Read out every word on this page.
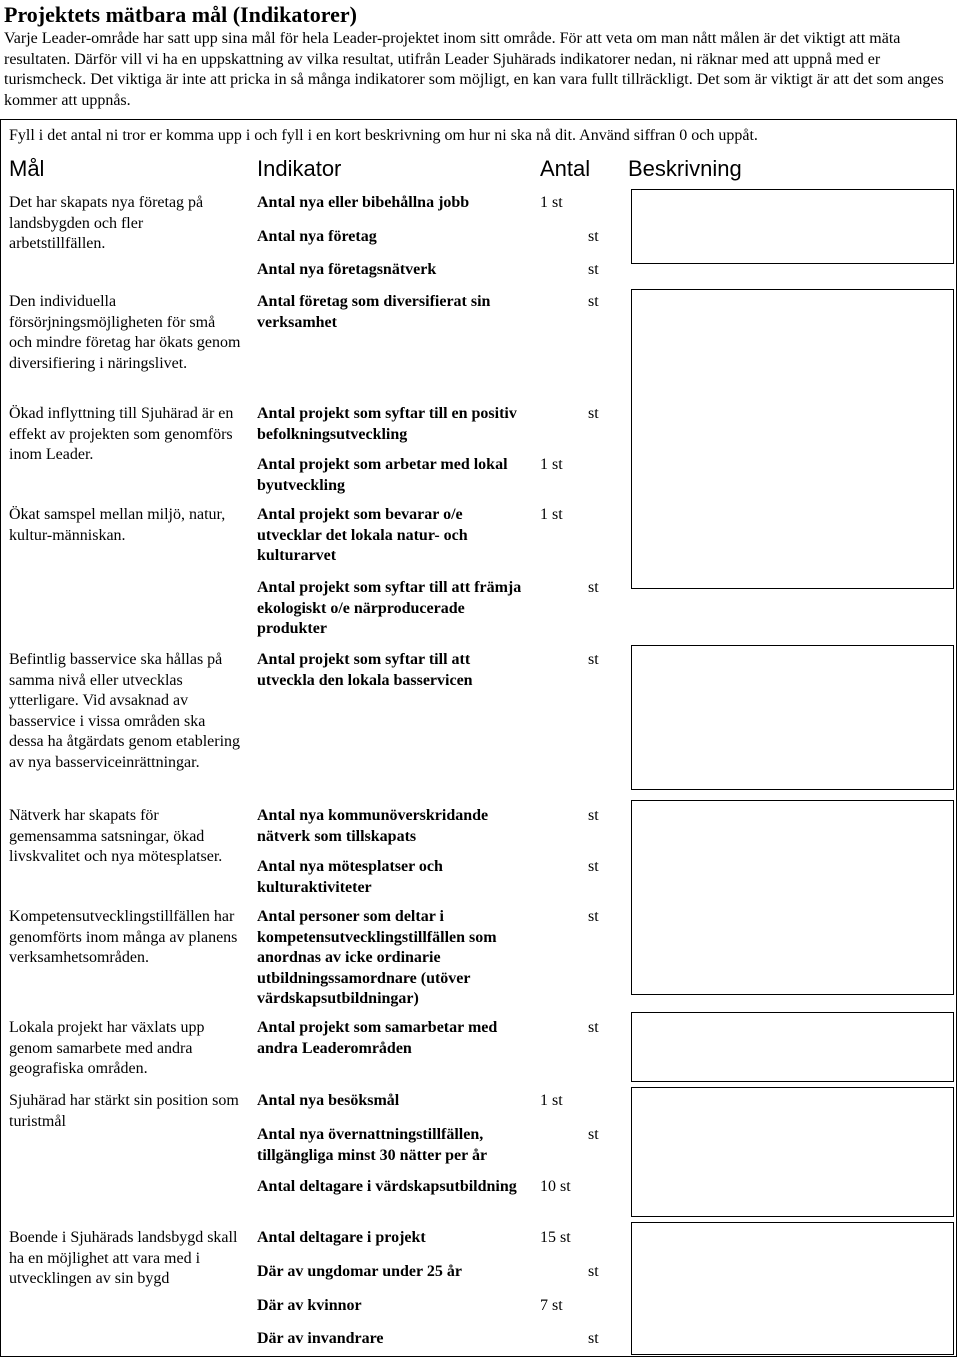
Projektets mätbara mål (Indikatorer)

Varje Leader-område har satt upp sina mål för hela Leader-projektet inom sitt område. För att veta om man nått målen är det viktigt att mäta resultaten. Därför vill vi ha en uppskattning av vilka resultat, utifrån Leader Sjuhärads indikatorer nedan, ni räknar med att uppnå med er turismcheck. Det viktiga är inte att pricka in så många indikatorer som möjligt, en kan vara fullt tillräckligt. Det som är viktigt är att det som anges kommer att uppnås.

Fyll i det antal ni tror er komma upp i och fyll i en kort beskrivning om hur ni ska nå dit. Använd siffran 0 och uppåt.

Mål	Indikator	Antal Beskrivning
Det har skapats nya företag på landsbygden och fler arbetstillfällen.
Den individuella försörjningsmöjligheten för små och mindre företag har ökats genom diversifiering i näringslivet.
Ökad inflyttning till Sjuhärad är en effekt av projekten som genomförs inom Leader.
Ökat samspel mellan miljö, natur, kultur-människan.
Befintlig basservice ska hållas på samma nivå eller utvecklas ytterligare. Vid avsaknad av basservice i vissa områden ska dessa ha åtgärdats genom etablering av nya basserviceinrättningar.
Nätverk har skapats för gemensamma satsningar, ökad livskvalitet och nya mötesplatser.
Kompetensutvecklingstillfällen har genomförts inom många av planens verksamhetsområden.
Lokala projekt har växlats upp genom samarbete med andra geografiska områden.
Sjuhärad har stärkt sin position som turistmål
Boende i Sjuhärads landsbygd skall ha en möjlighet att vara med i utvecklingen av sin bygd
Antal nya eller bibehållna jobb
Antal nya företag
Antal nya företagsnätverk
Antal företag som diversifierat sin verksamhet
Antal projekt som syftar till en positiv befolkningsutveckling
Antal projekt som arbetar med lokal byutveckling
Antal projekt som bevarar o/e utvecklar det lokala natur- och kulturarvet
Antal projekt som syftar till att främja ekologiskt o/e närproducerade produkter
Antal projekt som syftar till att utveckla den lokala basservicen
Antal nya kommunöverskridande nätverk som tillskapats
Antal nya mötesplatser och kulturaktiviteter
Antal personer som deltar i kompetensutvecklingstillfällen som anordnas av icke ordinarie utbildningssamordnare (utöver värdskapsutbildningar)
Antal projekt som samarbetar med andra Leaderområden
Antal nya besöksmål
Antal nya övernattningstillfällen, tillgängliga minst 30 nätter per år
Antal deltagare i värdskapsutbildning
Antal deltagare i projekt
Där av ungdomar under 25 år
Där av kvinnor
Där av invandrare
1 st
st
st
st
st
1 st
1 st
st
st
st
st
st
st
1 st
st
10 st
15 st
st
7 st
st
